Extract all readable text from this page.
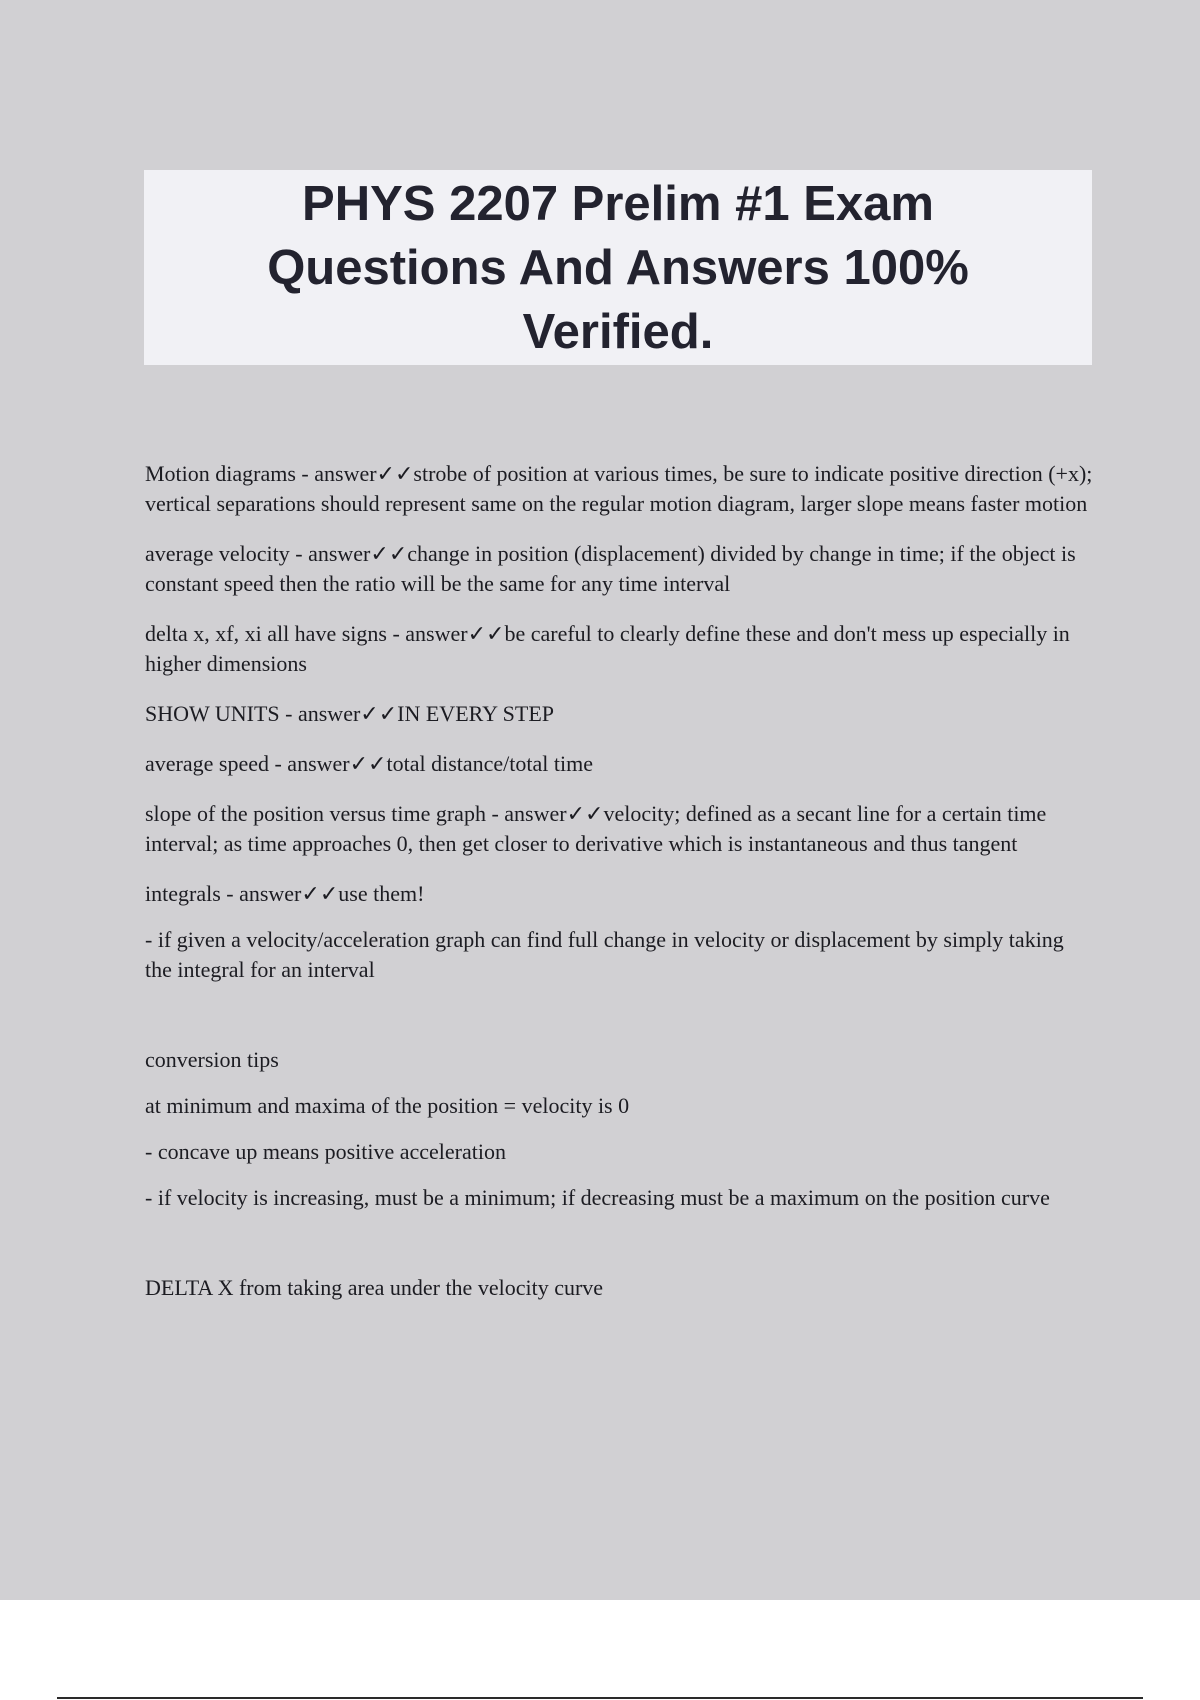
PHYS 2207 Prelim #1 Exam Questions And Answers 100% Verified.

Motion diagrams - answer✓✓strobe of position at various times, be sure to indicate positive direction (+x); vertical separations should represent same on the regular motion diagram, larger slope means faster motion

average velocity - answer✓✓change in position (displacement) divided by change in time; if the object is constant speed then the ratio will be the same for any time interval

delta x, xf, xi all have signs - answer✓✓be careful to clearly define these and don't mess up especially in higher dimensions

SHOW UNITS - answer✓✓IN EVERY STEP

average speed - answer✓✓total distance/total time

slope of the position versus time graph - answer✓✓velocity; defined as a secant line for a certain time interval; as time approaches 0, then get closer to derivative which is instantaneous and thus tangent

integrals - answer✓✓use them!

- if given a velocity/acceleration graph can find full change in velocity or displacement by simply taking the integral for an interval

conversion tips

at minimum and maxima of the position = velocity is 0

- concave up means positive acceleration

- if velocity is increasing, must be a minimum; if decreasing must be a maximum on the position curve

DELTA X from taking area under the velocity curve
